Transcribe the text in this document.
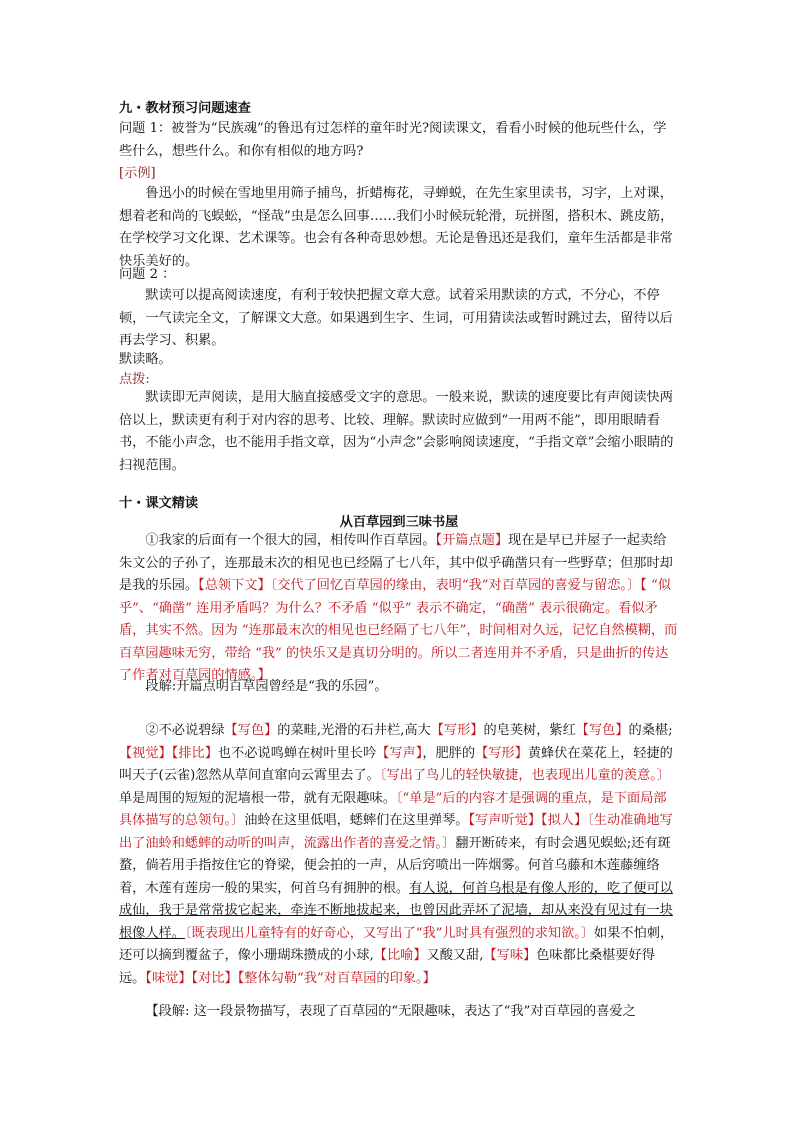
九・教材预习问题速查
问题 1：被誉为“民族魂”的鲁迅有过怎样的童年时光?阅读课文，看看小时候的他玩些什么，学些什么，想些什么。和你有相似的地方吗?
[示例]
鲁迅小的时候在雪地里用筛子捕鸟，折蜡梅花，寻蝉蜕，在先生家里读书，习字，上对课，想着老和尚的飞蜈蚣，“怪哉”虫是怎么回事……我们小时候玩轮滑，玩拼图，搭积木、跳皮筋，在学校学习文化课、艺术课等。也会有各种奇思妙想。无论是鲁迅还是我们，童年生活都是非常快乐美好的。
问题 2 ：
默读可以提高阅读速度，有利于较快把握文章大意。试着采用默读的方式，不分心，不停顿，一气读完全文，了解课文大意。如果遇到生字、生词，可用猜读法或暂时跳过去，留待以后再去学习、积累。
默读略。
点拨:
默读即无声阅读，是用大脑直接感受文字的意思。一般来说，默读的速度要比有声阅读快两倍以上，默读更有利于对内容的思考、比较、理解。默读时应做到“一用两不能”，即用眼睛看书，不能小声念，也不能用手指文章，因为“小声念”会影响阅读速度，“手指文章”会缩小眼睛的扫视范围。
十・课文精读
从百草园到三味书屋
①我家的后面有一个很大的园，相传叫作百草园。【开篇点题】现在是早已并屋子一起卖给朱文公的子孙了，连那最末次的相见也已经隔了七八年，其中似乎确凿只有一些野草；但那时却是我的乐园。【总领下文】〔交代了回忆百草园的缘由，表明“我”对百草园的喜爱与留恋。〕【 “似乎”、“确凿” 连用矛盾吗？为什么？不矛盾 “似乎” 表示不确定，“确凿” 表示很确定。看似矛盾，其实不然。因为 “连那最末次的相见也已经隔了七八年”，时间相对久远，记忆自然模糊，而百草园趣味无穷，带给 “我” 的快乐又是真切分明的。所以二者连用并不矛盾，只是曲折的传达了作者对百草园的情感。】
段解:开篇点明百草园曾经是“我的乐园”。
②不必说碧绿【写色】的菜畦,光滑的石井栏,高大【写形】的皂荚树，紫红【写色】的桑椹;【视觉】【排比】也不必说鸣蝉在树叶里长吟【写声】，肥胖的【写形】黄蜂伏在菜花上，轻捷的叫天子(云雀)忽然从草间直窜向云霄里去了。〔写出了鸟儿的轻快敏捷，也表现出儿童的羡意。〕单是周围的短短的泥墙根一带，就有无限趣味。〔“单是”后的内容才是强调的重点，是下面局部具体描写的总领句。〕油蛉在这里低唱，蟋蟀们在这里弹琴。【写声听觉】【拟人】〔生动准确地写出了油蛉和蟋蟀的动听的叫声，流露出作者的喜爱之情。〕翻开断砖来，有时会遇见蜈蚣;还有斑蝥，倘若用手指按住它的脊梁，便会拍的一声，从后窍喷出一阵烟雾。何首乌藤和木莲藤缠络着，木莲有莲房一般的果实，何首乌有拥肿的根。有人说，何首乌根是有像人形的，吃了便可以成仙，我于是常常拔它起来，牵连不断地拔起来，也曾因此弄坏了泥墙，却从来没有见过有一块根像人样。〔既表现出儿童特有的好奇心，又写出了“我”儿时具有强烈的求知欲。〕如果不怕刺，还可以摘到覆盆子，像小珊瑚珠攒成的小球,【比喻】又酸又甜,【写味】色味都比桑椹要好得远。【味觉】【对比】【整体勾勒“我”对百草园的印象。】
【段解: 这一段景物描写，表现了百草园的“无限趣味，表达了“我”对百草园的喜爱之
